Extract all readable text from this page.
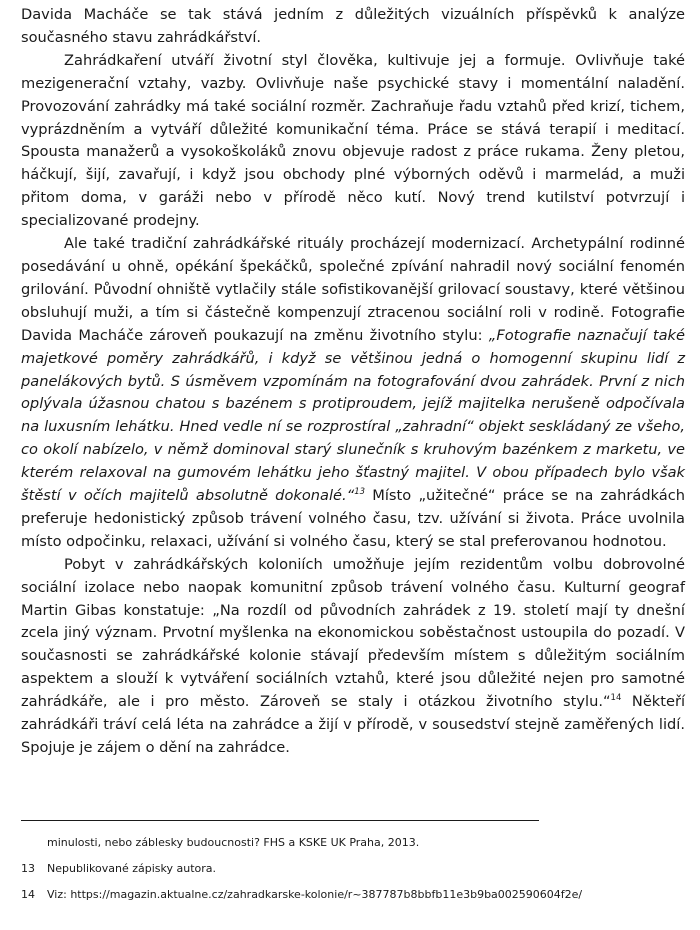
Davida Macháče se tak stává jedním z důležitých vizuálních příspěvků k analýze současného stavu zahrádkářství.

Zahrádkaření utváří životní styl člověka, kultivuje jej a formuje. Ovlivňuje také mezigenerační vztahy, vazby. Ovlivňuje naše psychické stavy i momentální naladění. Provozování zahrádky má také sociální rozměr. Zachraňuje řadu vztahů před krizí, tichem, vyprázdněním a vytváří důležité komunikační téma. Práce se stává terapií i meditací. Spousta manažerů a vysokoškoláků znovu objevuje radost z práce rukama. Ženy pletou, háčkují, šijí, zavařují, i když jsou obchody plné výborných oděvů i marmelád, a muži přitom doma, v garáži nebo v přírodě něco kutí. Nový trend kutilství potvrzují i specializované prodejny.

Ale také tradiční zahrádkářské rituály procházejí modernizací. Archetypální rodinné posedávání u ohně, opékání špekáčků, společné zpívání nahradil nový sociální fenomén grilování. Původní ohniště vytlačily stále sofistikovanější grilovací soustavy, které většinou obsluhují muži, a tím si částečně kompenzují ztracenou sociální roli v rodině. Fotografie Davida Macháče zároveň poukazují na změnu životního stylu: „Fotografie naznačují také majetkové poměry zahrádkářů, i když se většinou jedná o homogenní skupinu lidí z panelákových bytů. S úsměvem vzpomínám na fotografování dvou zahrádek. První z nich oplývala úžasnou chatou s bazénem s protiproudem, jejíž majitelka nerušeně odpočívala na luxusním lehátku. Hned vedle ní se rozprostíral „zahradní“ objekt seskládaný ze všeho, co okolí nabízelo, v němž dominoval starý slunečník s kruhovým bazénkem z marketu, ve kterém relaxoval na gumovém lehátku jeho šťastný majitel. V obou případech bylo však štěstí v očích majitelů absolutně dokonalé.“$^{13}$ Místo „užitečné“ práce se na zahrádkách preferuje hedonistický způsob trávení volného času, tzv. užívání si života. Práce uvolnila místo odpočinku, relaxaci, užívání si volného času, který se stal preferovanou hodnotou.

Pobyt v zahrádkářských koloniích umožňuje jejím rezidentům volbu dobrovolné sociální izolace nebo naopak komunitní způsob trávení volného času. Kulturní geograf Martin Gibas konstatuje: „Na rozdíl od původních zahrádek z 19. století mají ty dnešní zcela jiný význam. Prvotní myšlenka na ekonomickou soběstačnost ustoupila do pozadí. V současnosti se zahrádkářské kolonie stávají především místem s důležitým sociálním aspektem a slouží k vytváření sociálních vztahů, které jsou důležité nejen pro samotné zahrádkáře, ale i pro město. Zároveň se staly i otázkou životního stylu.“$^{14}$ Někteří zahrádkáři tráví celá léta na zahrádce a žijí v přírodě, v sousedství stejně zaměřených lidí. Spojuje je zájem o dění na zahrádce.

minulosti, nebo záblesky budoucnosti? FHS a KSKE UK Praha, 2013.
13	Nepublikované zápisky autora.
14	Viz: https://magazin.aktualne.cz/zahradkarske-kolonie/r~387787b8bbfb11e3b9ba002590604f2e/
